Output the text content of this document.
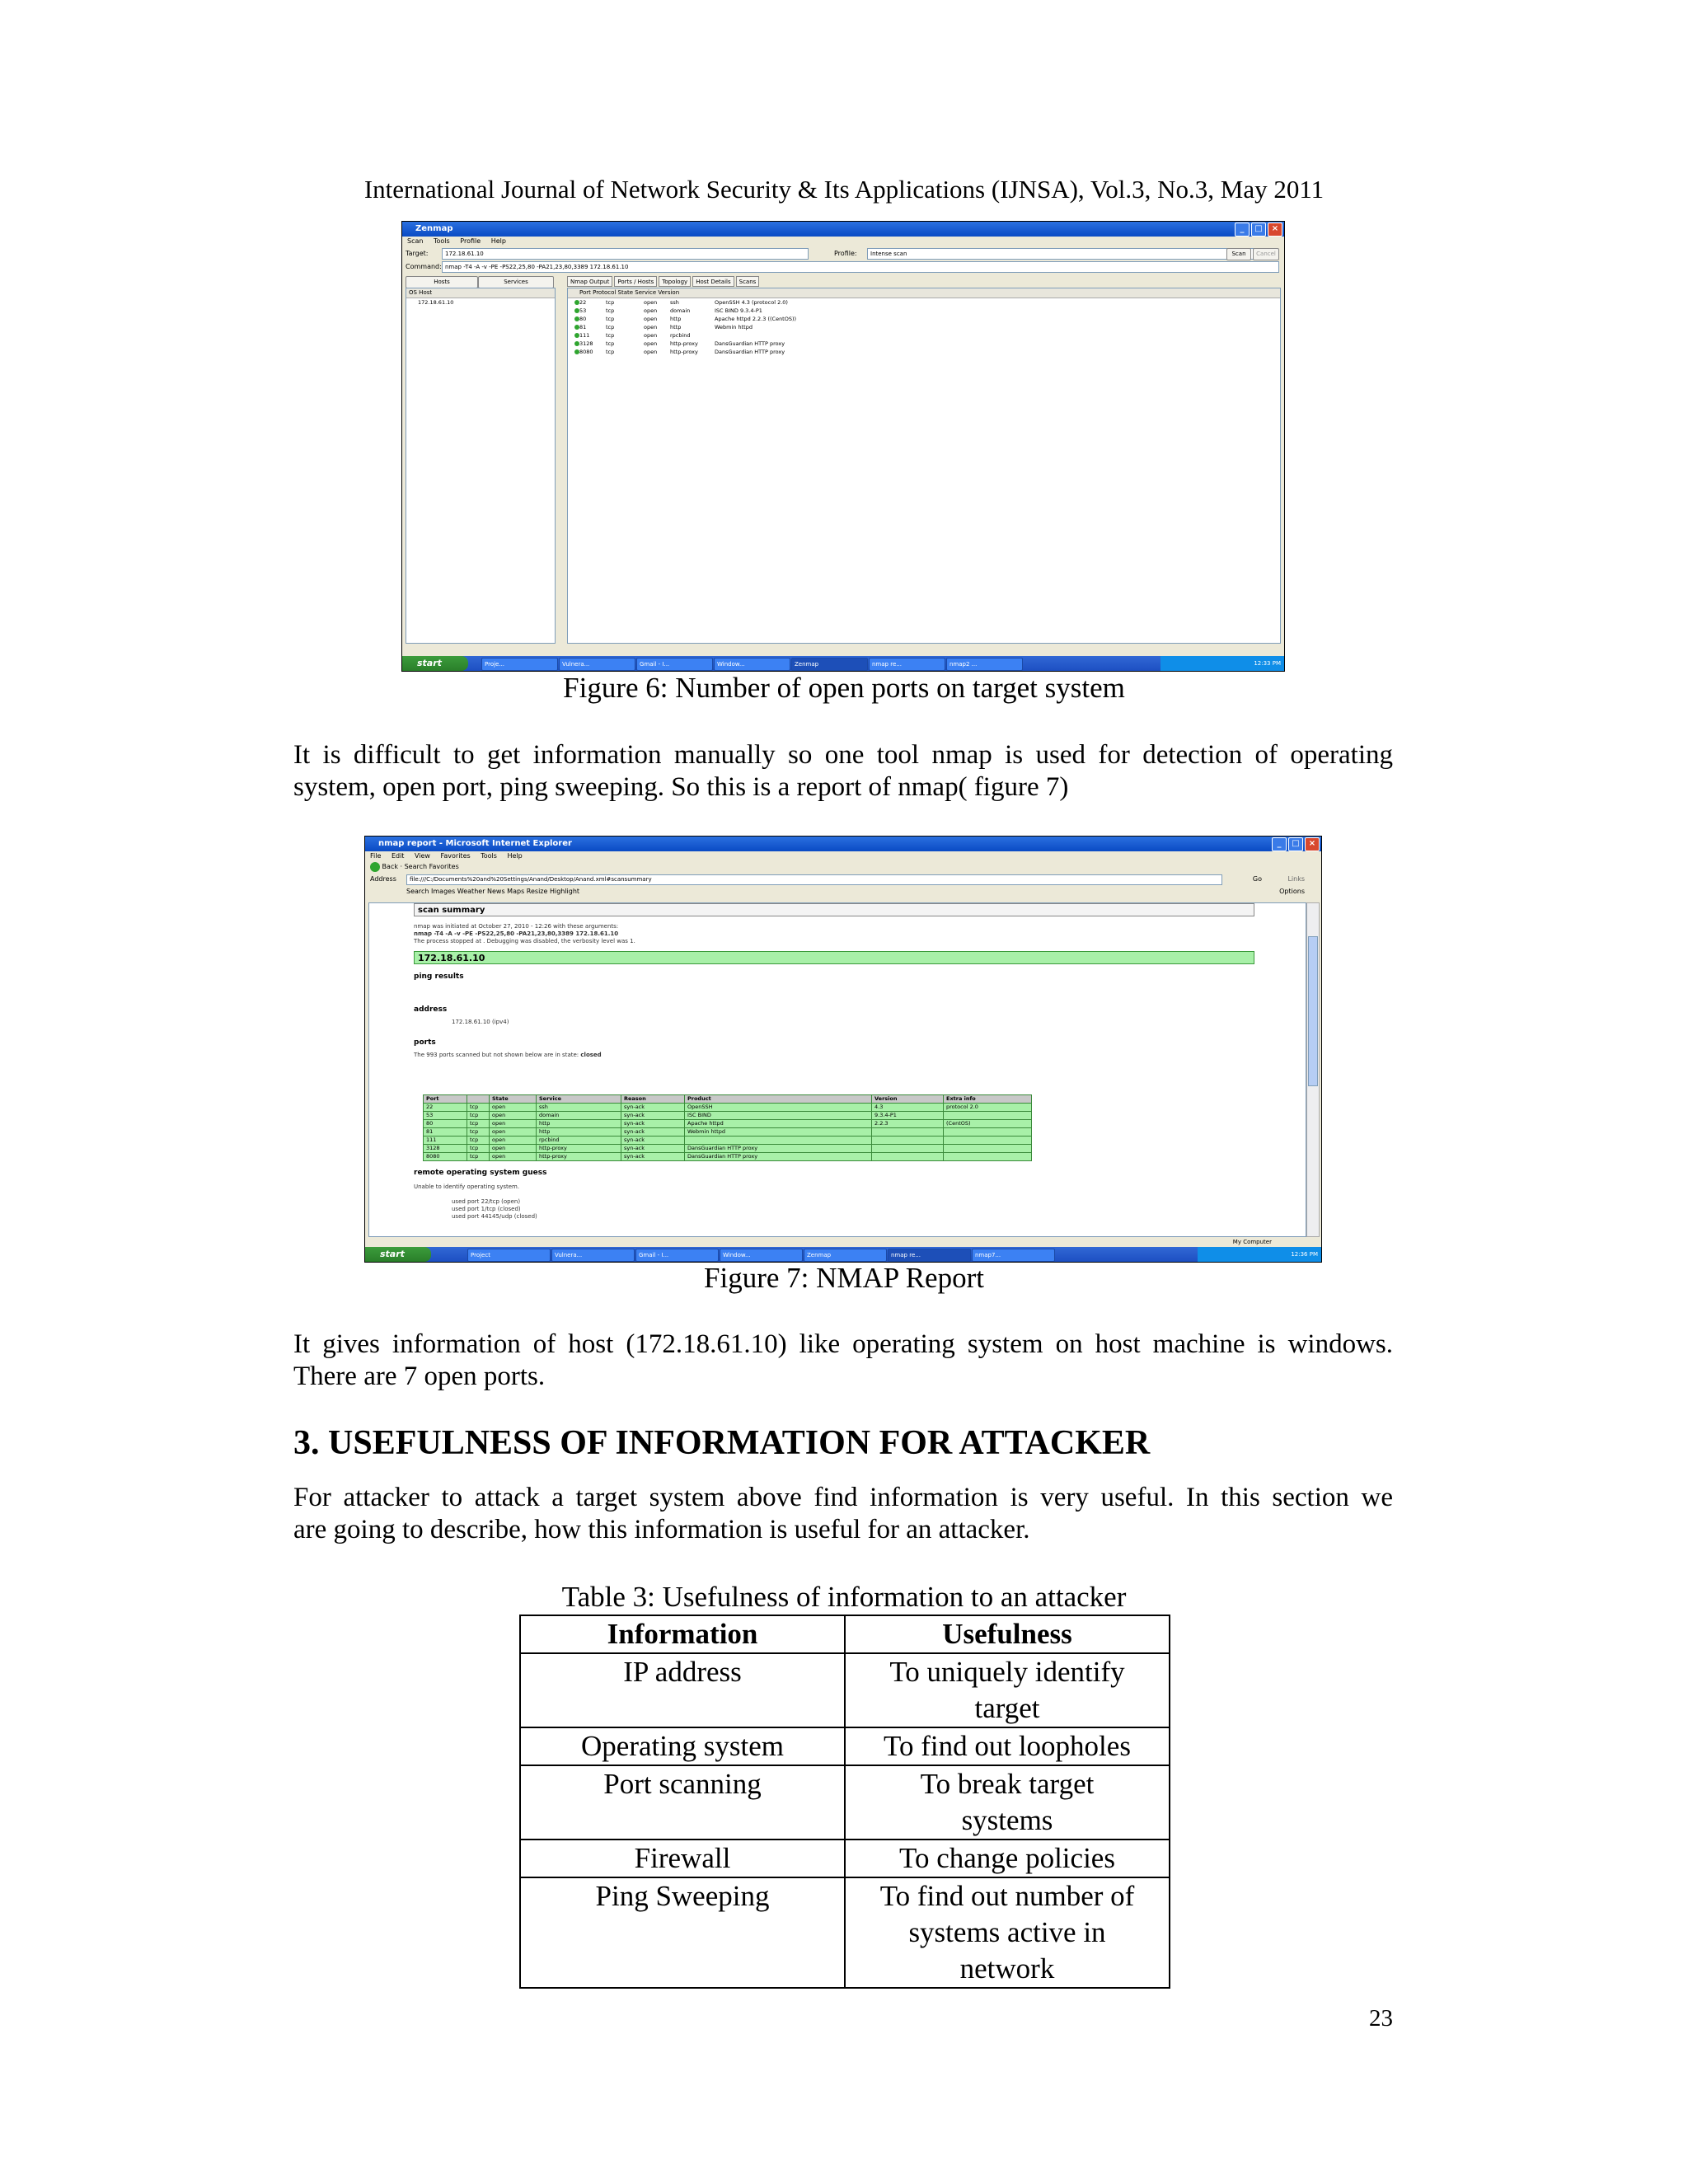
International Journal of Network Security & Its Applications (IJNSA), Vol.3, No.3, May 2011
Zenmap	_	□	×
Scan Tools Profile Help
Target:	172.18.61.10	Profile:	Intense scan	Scan	Cancel
Command: nmap -T4 -A -v -PE -PS22,25,80 -PA21,23,80,3389 172.18.61.10
Hosts	Services
OS Host
172.18.61.10
Nmap Output	Ports / Hosts	Topology	Host Details	Scans
Port Protocol State Service Version
22	tcp	open ssh	OpenSSH 4.3 (protocol 2.0)
53	tcp	open domain	ISC BIND 9.3.4-P1
80	tcp	open http	Apache httpd 2.2.3 ((CentOS))
81	tcp	open http	Webmin httpd
111	tcp	open rpcbind
3128 tcp	open http-proxy	DansGuardian HTTP proxy
8080 tcp	open http-proxy	DansGuardian HTTP proxy
start	Proje...	Vulnera...	Gmail - I...	Window...	Zenmap	nmap re...	nmap2 ...	12:33 PM
Figure 6: Number of open ports on target system
It is difficult to get information manually so one tool nmap is used for detection of operating
system, open port, ping sweeping. So this is a report of nmap( figure 7)
nmap report - Microsoft Internet Explorer	_	□	×
File Edit View Favorites Tools Help
Back · Search Favorites
Address	file:///C:/Documents%20and%20Settings/Anand/Desktop/Anand.xml#scansummary	Go	Links
Search Images Weather News Maps Resize Highlight	Options
scan summary
nmap was initiated at October 27, 2010 - 12:26 with these arguments:
nmap -T4 -A -v -PE -PS22,25,80 -PA21,23,80,3389 172.18.61.10
The process stopped at . Debugging was disabled, the verbosity level was 1.
172.18.61.10
ping results
address
172.18.61.10 (ipv4)
ports
The 993 ports scanned but not shown below are in state: closed
Port		State	Service	Reason	Product	Version	Extra info
22	tcp	open	ssh	syn-ack	OpenSSH	4.3	protocol 2.0
53	tcp	open	domain	syn-ack	ISC BIND	9.3.4-P1	
80	tcp	open	http	syn-ack	Apache httpd	2.2.3	(CentOS)
81	tcp	open	http	syn-ack	Webmin httpd		
111	tcp	open	rpcbind	syn-ack			
3128	tcp	open	http-proxy	syn-ack	DansGuardian HTTP proxy		
8080	tcp	open	http-proxy	syn-ack	DansGuardian HTTP proxy		
remote operating system guess
Unable to identify operating system.
used port 22/tcp (open)
used port 1/tcp (closed)
used port 44145/udp (closed)
My Computer
start	Project	Vulnera...	Gmail - I...	Window...	Zenmap	nmap re...	nmap7...	12:36 PM
Figure 7: NMAP Report
It gives information of host (172.18.61.10) like operating system on host machine is windows.
There are 7 open ports.
3. USEFULNESS OF INFORMATION FOR ATTACKER
For attacker to attack a target system above find information is very useful. In this section we
are going to describe, how this information is useful for an attacker.
Table 3: Usefulness of information to an attacker
Information	Usefulness
IP address	To uniquely identify
target
Operating system	To find out loopholes
Port scanning	To break target
systems
Firewall	To change policies
Ping Sweeping	To find out number of
systems active in
network
23
